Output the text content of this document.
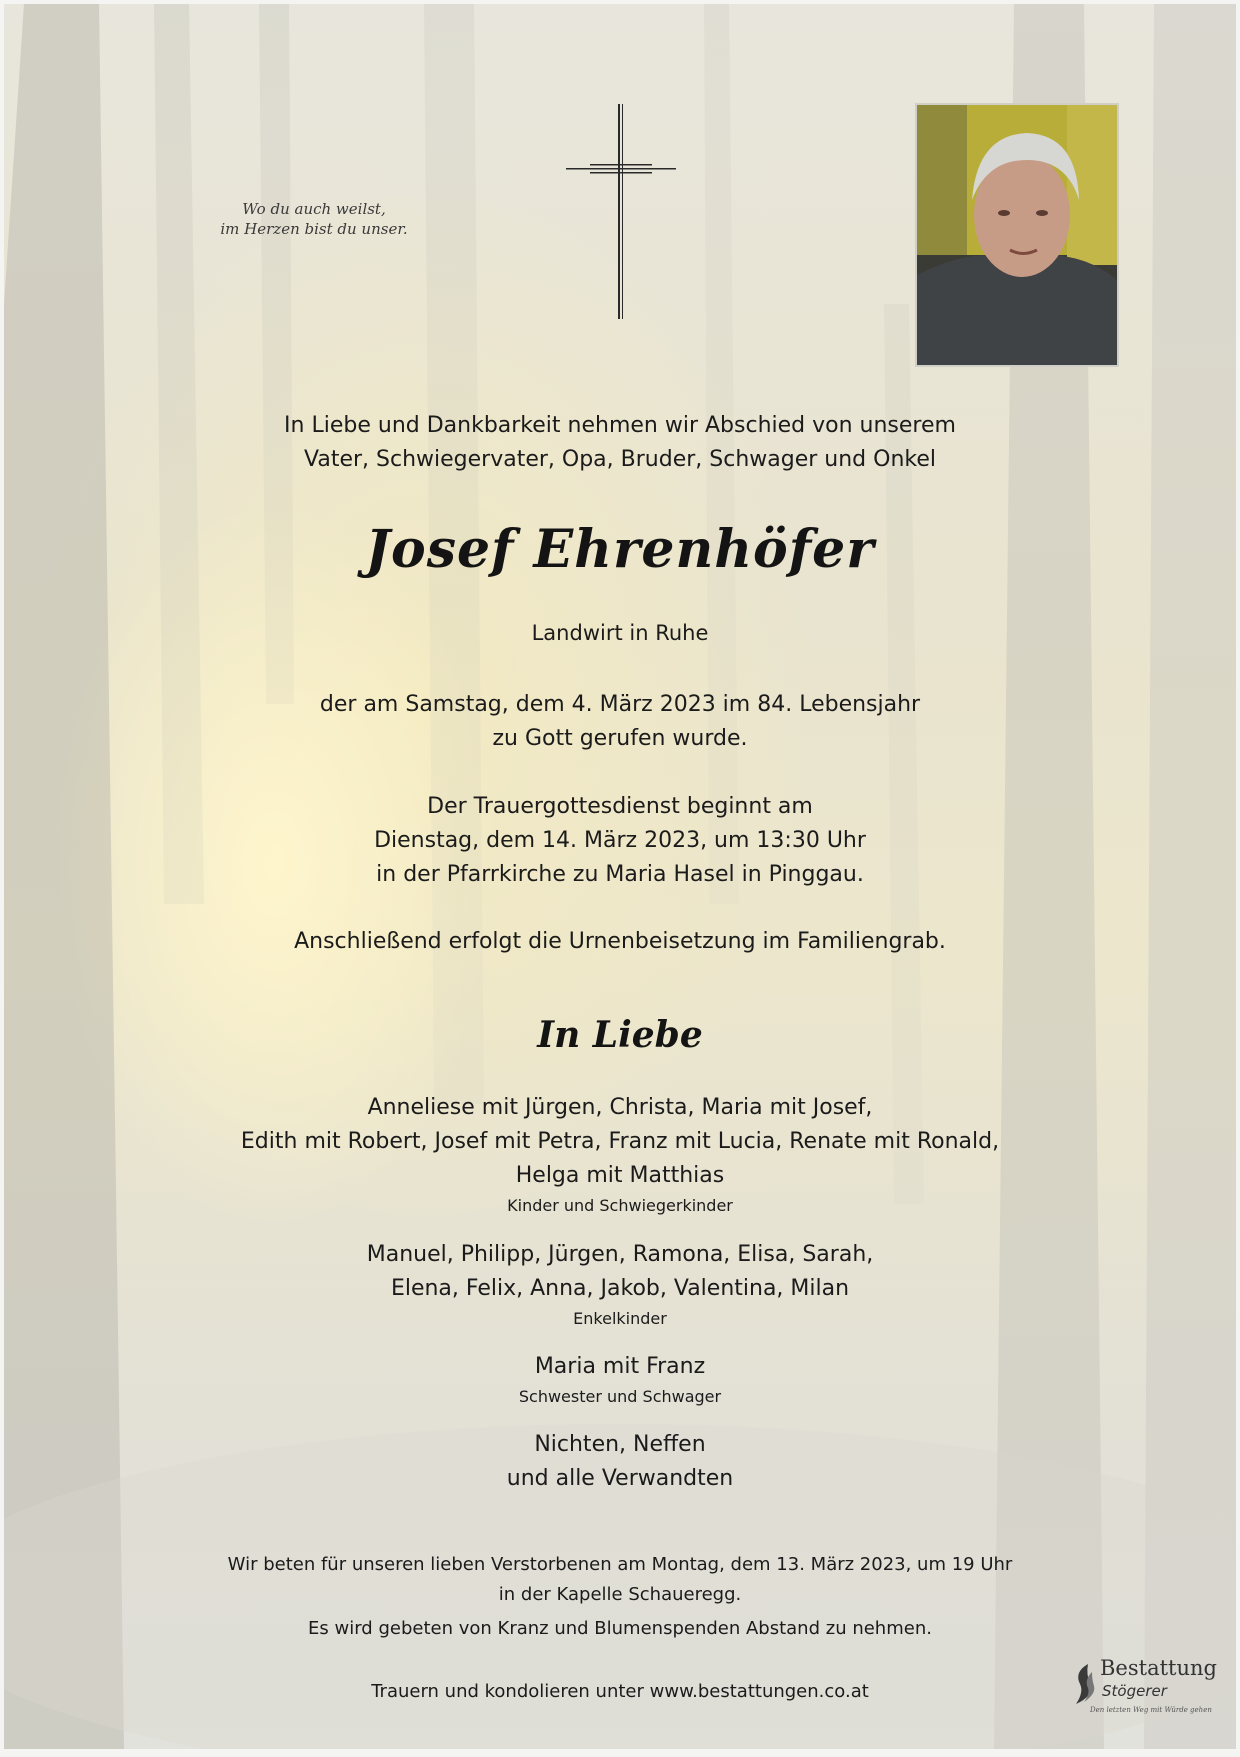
Wo du auch weilst,
im Herzen bist du unser.
In Liebe und Dankbarkeit nehmen wir Abschied von unserem
Vater, Schwiegervater, Opa, Bruder, Schwager und Onkel
Josef Ehrenhöfer
Landwirt in Ruhe
der am Samstag, dem 4. März 2023 im 84. Lebensjahr
zu Gott gerufen wurde.
Der Trauergottesdienst beginnt am
Dienstag, dem 14. März 2023, um 13:30 Uhr
in der Pfarrkirche zu Maria Hasel in Pinggau.
Anschließend erfolgt die Urnenbeisetzung im Familiengrab.
In Liebe
Anneliese mit Jürgen, Christa, Maria mit Josef,
Edith mit Robert, Josef mit Petra, Franz mit Lucia, Renate mit Ronald,
Helga mit Matthias
Kinder und Schwiegerkinder
Manuel, Philipp, Jürgen, Ramona, Elisa, Sarah,
Elena, Felix, Anna, Jakob, Valentina, Milan
Enkelkinder
Maria mit Franz
Schwester und Schwager
Nichten, Neffen
und alle Verwandten
Wir beten für unseren lieben Verstorbenen am Montag, dem 13. März 2023, um 19 Uhr
in der Kapelle Schaueregg.
Es wird gebeten von Kranz und Blumenspenden Abstand zu nehmen.
Trauern und kondolieren unter www.bestattungen.co.at
Bestattung
Stögerer
Den letzten Weg mit Würde gehen
